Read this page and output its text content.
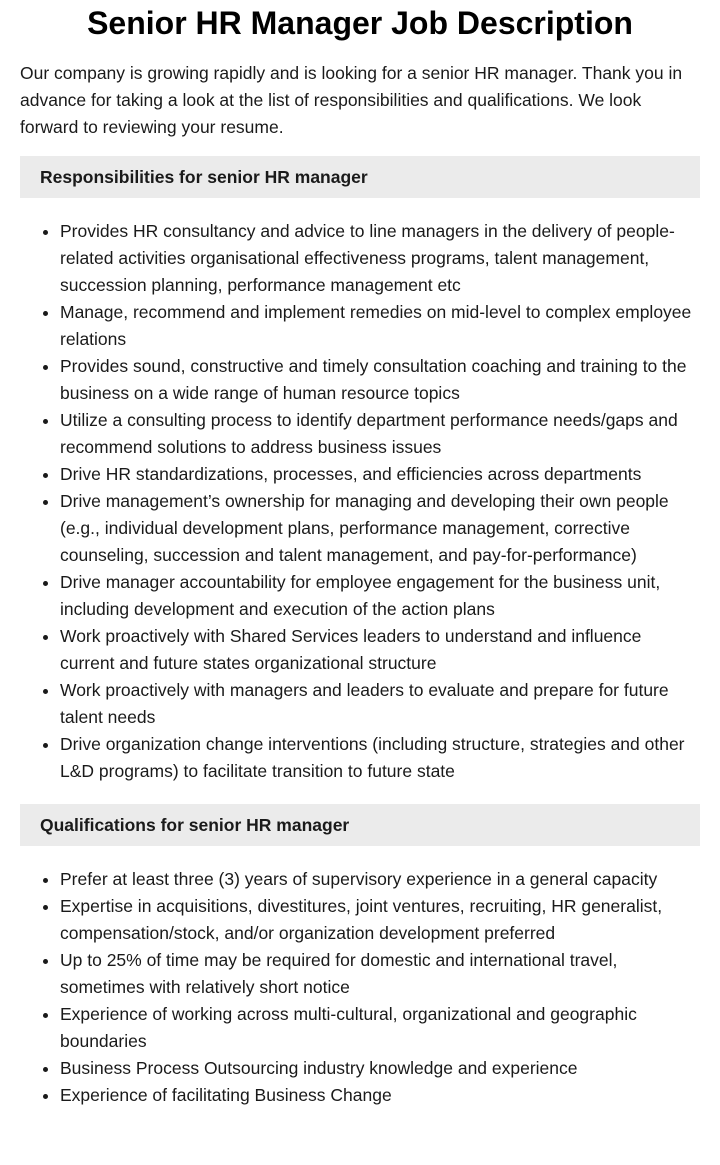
Senior HR Manager Job Description

Our company is growing rapidly and is looking for a senior HR manager. Thank you in advance for taking a look at the list of responsibilities and qualifications. We look forward to reviewing your resume.

Responsibilities for senior HR manager
• Provides HR consultancy and advice to line managers in the delivery of people-related activities organisational effectiveness programs, talent management, succession planning, performance management etc
• Manage, recommend and implement remedies on mid-level to complex employee relations
• Provides sound, constructive and timely consultation coaching and training to the business on a wide range of human resource topics
• Utilize a consulting process to identify department performance needs/gaps and recommend solutions to address business issues
• Drive HR standardizations, processes, and efficiencies across departments
• Drive management’s ownership for managing and developing their own people (e.g., individual development plans, performance management, corrective counseling, succession and talent management, and pay-for-performance)
• Drive manager accountability for employee engagement for the business unit, including development and execution of the action plans
• Work proactively with Shared Services leaders to understand and influence current and future states organizational structure
• Work proactively with managers and leaders to evaluate and prepare for future talent needs
• Drive organization change interventions (including structure, strategies and other L&D programs) to facilitate transition to future state
Qualifications for senior HR manager
• Prefer at least three (3) years of supervisory experience in a general capacity
• Expertise in acquisitions, divestitures, joint ventures, recruiting, HR generalist, compensation/stock, and/or organization development preferred
• Up to 25% of time may be required for domestic and international travel, sometimes with relatively short notice
• Experience of working across multi-cultural, organizational and geographic boundaries
• Business Process Outsourcing industry knowledge and experience
• Experience of facilitating Business Change
